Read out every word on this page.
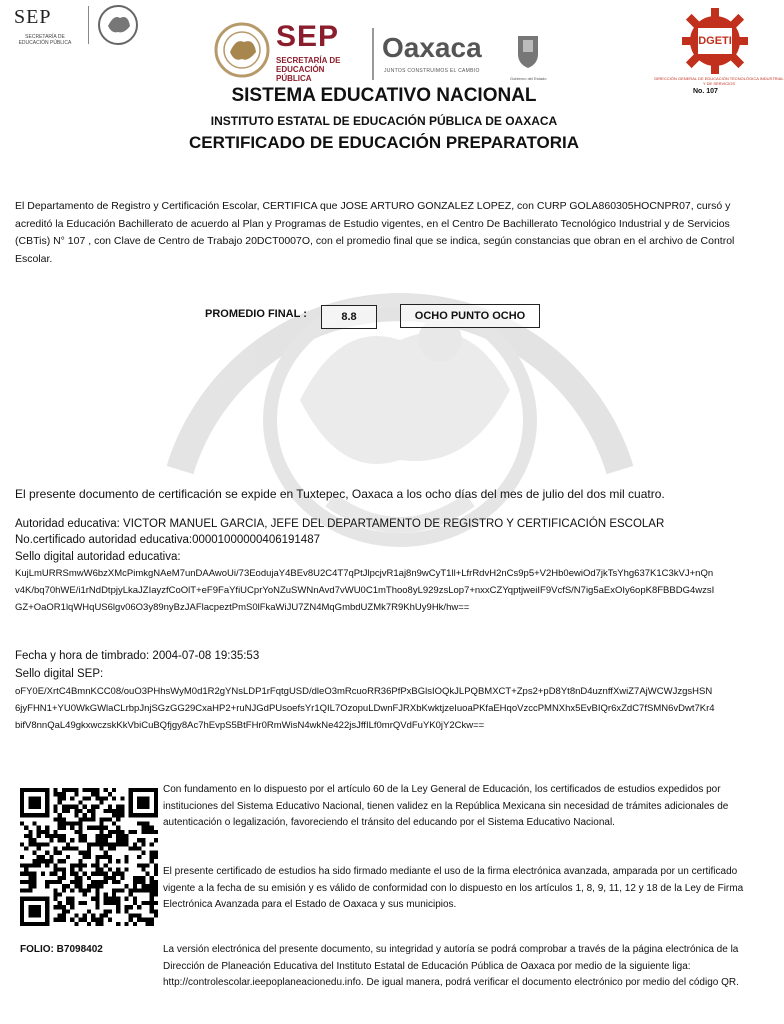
SEP
SECRETARÍA DE EDUCACIÓN PÚBLICA	SEP
SECRETARÍA DE EDUCACIÓN PÚBLICA
Oaxaca
JUNTOS CONSTRUIMOS EL CAMBIO
Gobierno del Estado
DGETI
DIRECCIÓN GENERAL DE EDUCACIÓN TECNOLÓGICA INDUSTRIAL Y DE SERVICIOS
No. 107
SISTEMA EDUCATIVO NACIONAL
INSTITUTO ESTATAL DE EDUCACIÓN PÚBLICA DE OAXACA
CERTIFICADO DE EDUCACIÓN PREPARATORIA
El Departamento de Registro y Certificación Escolar, CERTIFICA que JOSE ARTURO GONZALEZ LOPEZ, con CURP GOLA860305HOCNPR07, cursó y acreditó la Educación Bachillerato de acuerdo al Plan y Programas de Estudio vigentes, en el Centro De Bachillerato Tecnológico Industrial y de Servicios (CBTis) N° 107 , con Clave de Centro de Trabajo 20DCT0007O, con el promedio final que se indica, según constancias que obran en el archivo de Control Escolar.
PROMEDIO FINAL :	8.8	OCHO PUNTO OCHO
El presente documento de certificación se expide en Tuxtepec, Oaxaca a los ocho días del mes de julio del dos mil cuatro.
Autoridad educativa: VICTOR MANUEL GARCIA, JEFE DEL DEPARTAMENTO DE REGISTRO Y CERTIFICACIÓN ESCOLAR
No.certificado autoridad educativa:00001000000406191487
Sello digital autoridad educativa:
KujLmURRSmwW6bzXMcPimkgNAeM7unDAAwoUi/73EodujaY4BEv8U2C4T7qPtJlpcjvR1aj8n9wCyT1ll+LfrRdvH2nCs9p5+V2Hb0ewiOd7jkTsYhg637K1C3kVJ+nQnv4K/bq70hWE/i1rNdDtpjyLkaJZIayzfCoOlT+eF9FaYfiUCprYoNZuSWNnAvd7vWU0C1mThoo8yL929zsLop7+nxxCZYqptjweiIF9VcfS/N7ig5aExOIy6opK8FBBDG4wzsIGZ+OaOR1lqWHqUS6lgv06O3y89nyBzJAFlacpeztPmS0lFkaWiJU7ZN4MqGmbdUZMk7R9KhUy9Hk/hw==
Fecha y hora de timbrado: 2004-07-08 19:35:53
Sello digital SEP:
oFY0E/XrtC4BmnKCC08/ouO3PHhsWyM0d1R2gYNsLDP1rFqtgUSD/dleO3mRcuoRR36PfPxBGlsIOQkJLPQBMXCT+Zps2+pD8Yt8nD4uznffXwiZ7AjWCWJzgsHSN6jyFHN1+YU0WkGWlaCLrbpJnjSGzGG29CxaHP2+ruNJGdPUsoefsYr1QIL7OzopuLDwnFJRXbKwktjzeIuoaPKfaEHqoVzccPMNXhx5EvBIQr6xZdC7fSMN6vDwt7Kr4bifV8nnQaL49gkxwczskKkVbiCuBQfjgy8Ac7hEvpS5BtFHr0RmWisN4wkNe422jsJffILf0mrQVdFuYK0jY2Ckw==
FOLIO: B7098402
Con fundamento en lo dispuesto por el artículo 60 de la Ley General de Educación, los certificados de estudios expedidos por instituciones del Sistema Educativo Nacional, tienen validez en la República Mexicana sin necesidad de trámites adicionales de autenticación o legalización, favoreciendo el tránsito del educando por el Sistema Educativo Nacional.
El presente certificado de estudios ha sido firmado mediante el uso de la firma electrónica avanzada, amparada por un certificado vigente a la fecha de su emisión y es válido de conformidad con lo dispuesto en los artículos 1, 8, 9, 11, 12 y 18 de la Ley de Firma Electrónica Avanzada para el Estado de Oaxaca y sus municipios.
La versión electrónica del presente documento, su integridad y autoría se podrá comprobar a través de la página electrónica de la Dirección de Planeación Educativa del Instituto Estatal de Educación Pública de Oaxaca por medio de la siguiente liga: http://controlescolar.ieepoplaneacionedu.info. De igual manera, podrá verificar el documento electrónico por medio del código QR.
